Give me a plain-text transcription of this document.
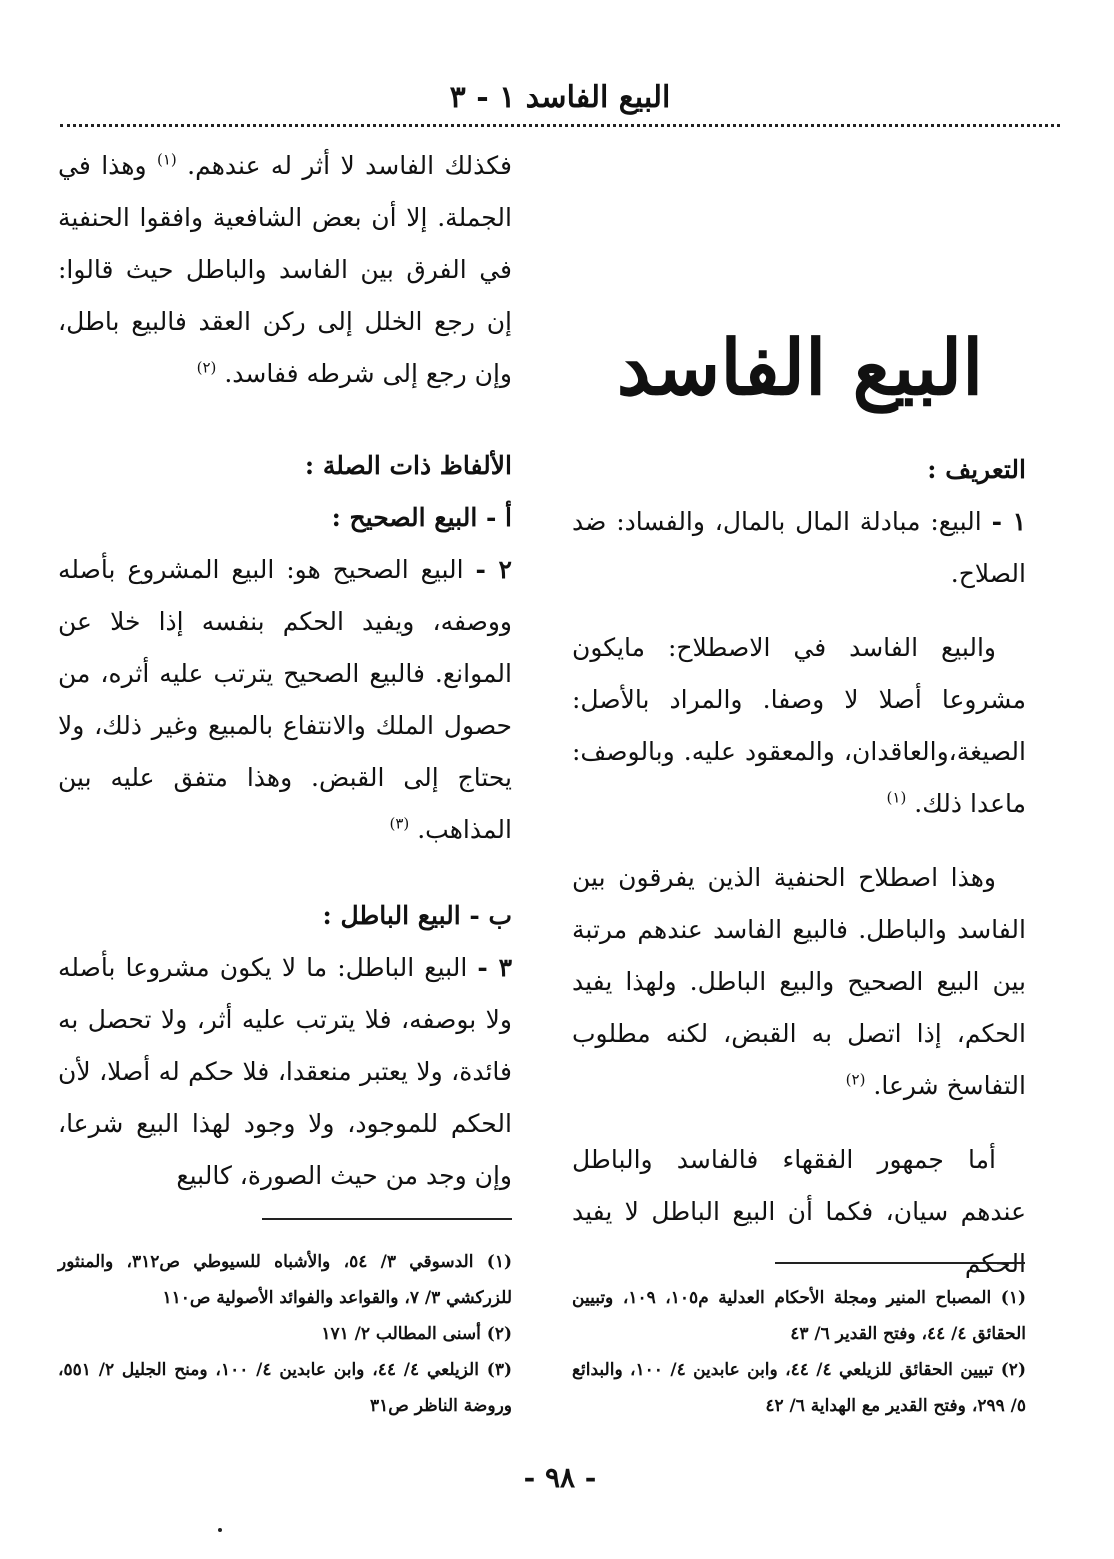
البيع الفاسد ١ - ٣

فكذلك الفاسد لا أثر له عندهم. $^{(١)}$ وهذا في الجملة. إلا أن بعض الشافعية وافقوا الحنفية في الفرق بين الفاسد والباطل حيث قالوا: إن رجع الخلل إلى ركن العقد فالبيع باطل، وإن رجع إلى شرطه ففاسد. $^{(٢)}$

الألفاظ ذات الصلة :

أ - البيع الصحيح :

٢ - البيع الصحيح هو: البيع المشروع بأصله ووصفه، ويفيد الحكم بنفسه إذا خلا عن الموانع. فالبيع الصحيح يترتب عليه أثره، من حصول الملك والانتفاع بالمبيع وغير ذلك، ولا يحتاج إلى القبض. وهذا متفق عليه بين المذاهب. $^{(٣)}$

ب - البيع الباطل :

٣ - البيع الباطل: ما لا يكون مشروعا بأصله ولا بوصفه، فلا يترتب عليه أثر، ولا تحصل به فائدة، ولا يعتبر منعقدا، فلا حكم له أصلا، لأن الحكم للموجود، ولا وجود لهذا البيع شرعا، وإن وجد من حيث الصورة، كالبيع

البيع الفاسد

التعريف :

١ - البيع: مبادلة المال بالمال، والفساد: ضد الصلاح.

والبيع الفاسد في الاصطلاح: مايكون مشروعا أصلا لا وصفا. والمراد بالأصل: الصيغة،والعاقدان، والمعقود عليه. وبالوصف: ماعدا ذلك. $^{(١)}$

وهذا اصطلاح الحنفية الذين يفرقون بين الفاسد والباطل. فالبيع الفاسد عندهم مرتبة بين البيع الصحيح والبيع الباطل. ولهذا يفيد الحكم، إذا اتصل به القبض، لكنه مطلوب التفاسخ شرعا. $^{(٢)}$

أما جمهور الفقهاء فالفاسد والباطل عندهم سيان، فكما أن البيع الباطل لا يفيد الحكم

(١) المصباح المنير ومجلة الأحكام العدلية م١٠٥، ١٠٩، وتبيين الحقائق ٤/ ٤٤، وفتح القدير ٦/ ٤٣

(٢) تبيين الحقائق للزيلعي ٤/ ٤٤، وابن عابدين ٤/ ١٠٠، والبدائع ٥/ ٢٩٩، وفتح القدير مع الهداية ٦/ ٤٢

(١) الدسوقي ٣/ ٥٤، والأشباه للسيوطي ص٣١٢، والمنثور للزركشي ٣/ ٧، والقواعد والفوائد الأصولية ص١١٠

(٢) أسنى المطالب ٢/ ١٧١

(٣) الزيلعي ٤/ ٤٤، وابن عابدين ٤/ ١٠٠، ومنح الجليل ٢/ ٥٥١، وروضة الناظر ص٣١

- ٩٨ -
